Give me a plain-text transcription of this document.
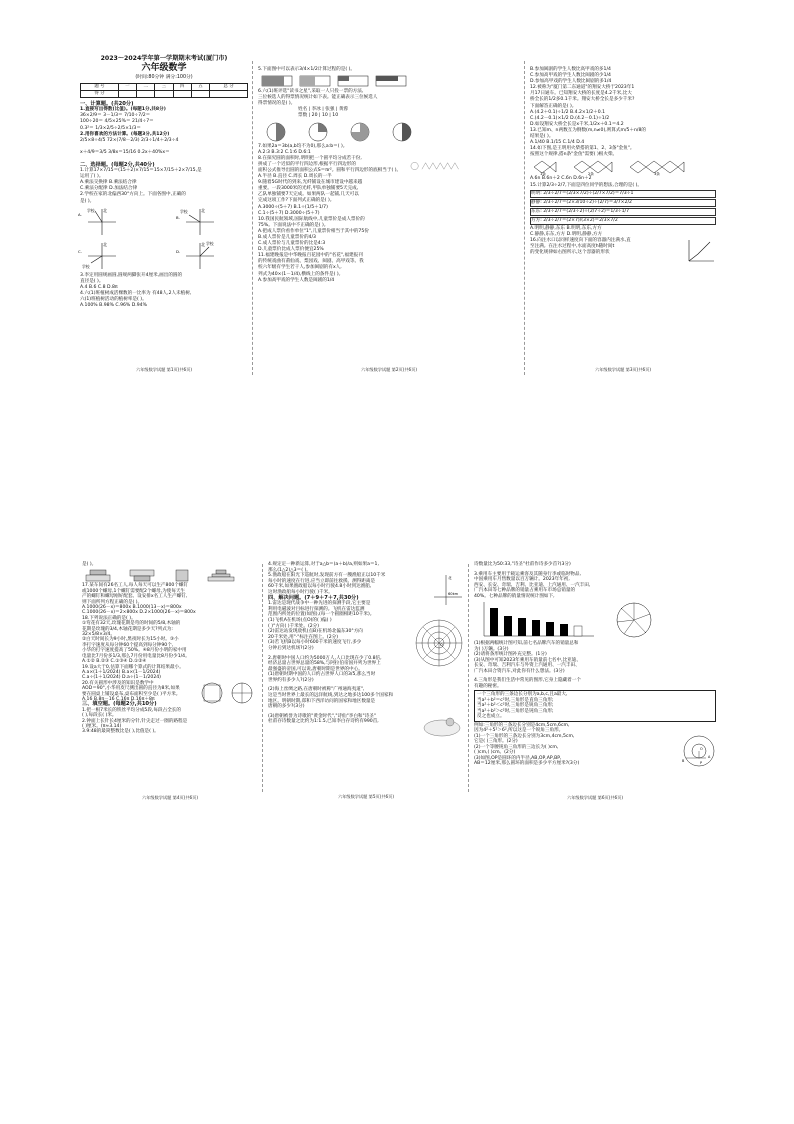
2023～2024学年第一学期期末考试(厦门市)
六年级数学
(时间:80分钟 满分:100分)
题 号	一	二	三	四	五	总 分
得 分						
一、计算题。(共20分)
1.直接写出得数(比值)。(每题1分,共8分)
36×2/9＝ 3－1/3＝ 7/10÷7/2＝
100÷20＝ 4/5×25%＝ 21/4÷7＝
0.3²＝ 1/3×2/5÷2/5×1/3＝
2.用你喜欢的方法计算。(每题3分,共12分)
2/5×8÷4/5 72×(7/8－2/3) 2/3÷1/4＋2/3÷4
x＋4/9＝3/5 3/8x＝15/16 0.2x＋40%x＝
二、选择题。(每题2分,共40分)
1.计算17×7/15＝(15＋2)×7/15＝15×7/15＋2×7/15,是
运用了( )。
A.乘法交换律 B.乘法结合律
C.乘法分配律 D.加法结合律
2.学校在家的北偏西30°方向上。下面各图中,正确的
是( )。
北
学校
A.
北
学校
B.
北
学校
C.
北 学校
D.
3.李定用圆规画圆,圆规两脚张开4厘米,画出的圆的
直径是( )。
A.4 B.6 C.8 D.8π
4.六(1)班植树成活棵数的一比率为 有48人,2人未植树,
六(1)班植树活动的植树率是( )。
A.100% B.98% C.96% D.94%
六年级数学试题 第1页(共6页)
5.下面图中可以表示3/4×1/2计算过程的是( )。
6.六(1)班评选"读书之星",采取一人只投一票的方法,
三位候选人的得票情况统计如下表。能正确表示三位候选人
得票情况的是( )。
姓名 | 李冰 | 张强 | 黄蓉
票数 | 20 | 10 | 10
7.如果2a＝3b(a,b均不为0),那么a:b＝( )。
A.2:3 B.3:2 C.1:6 D.6:1
8.在探究圆的面积时,明明把一个圆平均分成若干份,
拼成了一个近似的平行四边形,根据平行四边形的
面积公式推导出圆的面积公式S＝πr²。圆和平行四边形的底相当于( )。
A.半径 B.直径 C.周长 D.周长的一半
9.随着5G时代的到来,光纤铺设在城市建设中越来越
重要。一段3000米的光纤,甲队单独铺要5天完成,
乙队单独铺要7天完成。如果两队一起铺,几天可以
完成这项工作?下面列式正确的是( )。
A.3000÷(5＋7) B.1÷(1/5＋1/7)
C.1÷(5＋7) D.3000÷(5＋7)
10.我国民航领域,国际航线中,儿童票价是成人票价的
75%。下面说法中不正确的是( )。
A.把成人票价看作单位"1",儿童票价相当于其中的75份
B.成人票价是儿童票价的4/3
C.成人票价与儿童票价的比是4:3
D.儿童票价比成人票价便宜25%
11.福建晚报是中华晚报百花园中的"名花",福建报刊
的传统戏曲有莆仙戏、梨园戏、闽剧、高甲戏等。我
校六年级有学生若干人,参加闽剧的有x人,
列式为40×(1－1/4),横线上的条件是( )。
A.参加高甲戏的学生人数是闽剧的1/4
六年级数学试题 第2页(共6页)
B.参加闽剧的学生人数比高甲戏的多1/4
C.参加高甲戏的学生人数比闽剧的少1/4
D.参加高甲戏的学生人数比闽剧的多1/4
12.被称为"厦门第二东通道"的翔安大桥于2023年1
月17日通车。已知翔安大桥的长度是4.2千米,比大
桥全长的1/2多0.1千米。翔安大桥全长是多少千米?
下面解答正确的是( )。
A.(4.2＋0.1)÷1/2 B.4.2×1/2＋0.1
C.(4.2－0.1)×1/2 D.(4.2－0.1)÷1/2
D.如设翔安大桥全长是x千米,1/2x＋0.1＝4.2
13.已知m、n两数互为倒数(m,n≠0),则算式m/5＋n/8的
结果是( )。
A.1/40 B.1/15 C.1/4 D.4
14.如下图,是王明用火柴搭的第1、2、3条"金鱼"。
按照这个规律,搭n条"金鱼"需要( )根火柴。
1条	2条	3条
A.6n B.6n＋2 C.6n D.6n＋2
15.计算2/3÷2/7,下面是四位同学的想法,合理的是( )。
明明: 2/3÷2/7＝(2/3×7/2)÷(2/7×7/2)＝7/3÷1
静静: 2/3÷2/7＝(2×3/10÷2)÷(2/7)＝3/7×2/2
东东: 2/3÷2/7＝(2/3÷2)÷(2/7÷2)＝1/3÷1/7
方方: 2/3÷2/7＝(2×7)/(3×2)＝2/3×7/2
A.明明,静静,东东 B.明明,东东,方方
C.静静,东东,方方 D.明明,静静,方方
16.向注水口以同样速度向下面的容器内注满水,直
至注满。在注水过程中,水面高度h随时间t
的变化规律如右图所示,这个容器的形状
六年级数学试题 第3页(共6页)
是( )。
17.某车间有26名工人,每人每天可以生产800个螺钉
或1000个螺母,1个螺钉需要配2个螺母,为使每天生
产的螺钉和螺母刚好配套。设安排x名工人生产螺钉,
则下面所列方程正确的是( )。
A.1000(26－x)＝800x B.1000(13－x)＝800x
C.1000(26－x)＝2×800x D.2×1000(26－x)＝800x
18.下列说法正确的是( )。
①弯花有32天,玫瑰花期是弯的时间的5/8,木轴的
花期是玫瑰的3/4,木轴花期是多少天?列式为:
32×5/8×3/4。
②白天时间长为9小时,黑夜时长为15小时。③小
李打字速度从每分钟60个提高到每分钟90个,
小华的打字速度提高了50%。④8月份小明的家中用
电量比7月份多1/3,那么7月份用电量比8月份少1/4。
A.①② B.②③ C.①③④ D.①②④
19.设a大于0,估算下面哪个算式的计算结果最小。
A.a×(1＋1/2024) B.a×(1－1/2024)
C.a÷(1＋1/2024) D.a÷(1－1/2024)
20.有关圆形中涉及的知识是数学中
AOD＝90°,小华用皮尺测出圆的直径为8米,如果
要在圆桌上铺设桌布,桌布面积至少是( )平方米。
A.16 B.8π－16 C.16π D.16π＋8π
三、填空题。(每题2分,共10分)
1.把一根7米长的铁丝平均分成5段,每段占全长的
( ),每段长( )米。
2.钟面上长针长4厘米的分针,针尖走过一圈的路程是
( )厘米。(π≈3.14)
3.9:48的最简整数比是( ),比值是( )。
六年级数学试题 第4页(共6页)
4.规定定一种新运算,对于a△b＝(a＋b)/a,则如果a＝1,
那么(1△2)△3＝( )。
北
60km
5.渔政船在阳光下巡航时,发现前方有一艘渔船正以10千米
每小时的速度在行进,应当立即前往救援。测得距离是
60千米,如果渔政船以每小时行驶4.8小时到达渔船,
这时渔政船每小时行驶( )千米。
四、解决问题。(7＋9＋7＋7,共30分)
1.雷达是现代战争中一种先进的探测手段,它主要是
利用电磁波对目标进行探测的。飞机在雷达监测
范围内所处的位置(如图),(每一个圆圈相距10千米)。
O
(1)飞机A在机场(点O)的( )偏( )
( )°方向( )千米处。(2分)
(2)雷达站发现敌机(点B)在机场北偏东30°方向
20千米处,用"·"标注在图上。(2分)
(3)若飞机B以每小时600千米的速度飞行,多少
分钟后到达机场?(2分)
2.唐朝时中国人口约为5000万人,人口比现在少了0.8倍,
经济总量占世界总量的58%,与阿拉伯帝国并列为世界上
最强盛的帝国,可以说,唐朝时期是世界的中心。
(1)唐朝时期中国的人口约占世界人口的3/5,那么当时
世界约有多少人?(2分)
(2)海上丝绸之路,在唐朝时被称"广州通海夷道",
这是当时世界上最长的远洋航线,到达之地多达100多个国家和
地区。明朝时期,郑和下西洋访问的国家和地区数量是
唐朝的多少?(3分)
(3)唐朝被誉为诗歌的"黄金时代","诗仙"李白和"诗圣"
杜甫存诗数量之比约为1:1.5,已知李白存诗约有990首,
六年级数学试题 第5页(共6页)
诗数量比为50:33,"诗圣"杜甫作诗多少首?(3分)
3.乘用车主要用于载运乘客及其随身行李或临时物品,
中国乘用车月售数量以百万辆计。2023年年初,
西安、长安、奇瑞、吉利、比亚迪、上汽通用、一汽丰田,
广汽本田等七种品牌的销量占乘用车市场总销量的
40%。七种品牌的销量情况统计图如下,
(1)根据两幅统计图可知,前七名品牌汽车的销量总和
为( )万辆。(3分)
(2)请将条形统计图补充完整。(1分)
(3)从图中可知2023年乘用车销量前七名中,比亚迪、
长安、奇瑞、吉利汽车与外资上汽通用、一汽丰田、
广汽本田合资汽车,对此你有什么想法。(3分)
4.三角形是我们生活中常见的图形,它身上隐藏着一个
有趣的秘密。
一个三角形的三条边长分别为a,b,c,且a最大,
当a²＋b²＝c²时,三角形是直角三角形;
当a²＋b²＜c²时,三角形是锐角三角形;
当a²＋b²＞c²时,三角形是钝角三角形;
反之也成立。
例如:三角形的三条边长分别是4cm,5cm,6cm,
因为4²＋5²＞6²,所以这是一个锐角三角形。
O
P
A
B
(1)一个三角形的三条边长分别为3cm,4cm,5cm,
它是( )三角形。(2分)
(2)一个等腰钝角三角形的三边长为( )cm,
( )cm,( )cm。(2分)
(3)如图,OP是圆环的内半径,AB,OP,AP,BP,
AB＝12厘米,那么圆环的面积是多少平方厘米?(3分)
六年级数学试题 第6页(共6页)
